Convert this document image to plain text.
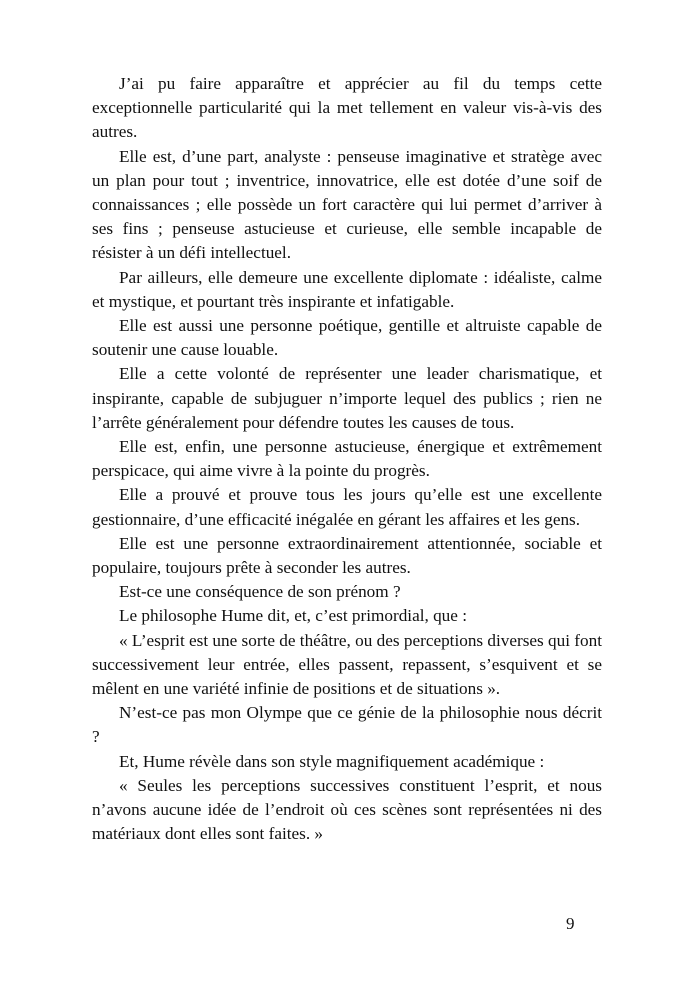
J’ai pu faire apparaître et apprécier au fil du temps cette exceptionnelle particularité qui la met tellement en valeur vis-à-vis des autres.

Elle est, d’une part, analyste : penseuse imaginative et stratège avec un plan pour tout ; inventrice, innovatrice, elle est dotée d’une soif de connaissances ; elle possède un fort caractère qui lui permet d’arriver à ses fins ; penseuse astucieuse et curieuse, elle semble incapable de résister à un défi intellectuel.

Par ailleurs, elle demeure une excellente diplomate : idéaliste, calme et mystique, et pourtant très inspirante et infatigable.

Elle est aussi une personne poétique, gentille et altruiste capable de soutenir une cause louable.

Elle a cette volonté de représenter une leader charismatique, et inspirante, capable de subjuguer n’importe lequel des publics ; rien ne l’arrête généralement pour défendre toutes les causes de tous.

Elle est, enfin, une personne astucieuse, énergique et extrêmement perspicace, qui aime vivre à la pointe du progrès.

Elle a prouvé et prouve tous les jours qu’elle est une excellente gestionnaire, d’une efficacité inégalée en gérant les affaires et les gens.

Elle est une personne extraordinairement attentionnée, sociable et populaire, toujours prête à seconder les autres.

Est-ce une conséquence de son prénom ?

Le philosophe Hume dit, et, c’est primordial, que :

« L’esprit est une sorte de théâtre, ou des perceptions diverses qui font successivement leur entrée, elles passent, repassent, s’esquivent et se mêlent en une variété infinie de positions et de situations ».

N’est-ce pas mon Olympe que ce génie de la philosophie nous décrit ?

Et, Hume révèle dans son style magnifiquement académique :

« Seules les perceptions successives constituent l’esprit, et nous n’avons aucune idée de l’endroit où ces scènes sont représentées ni des matériaux dont elles sont faites. »

9
